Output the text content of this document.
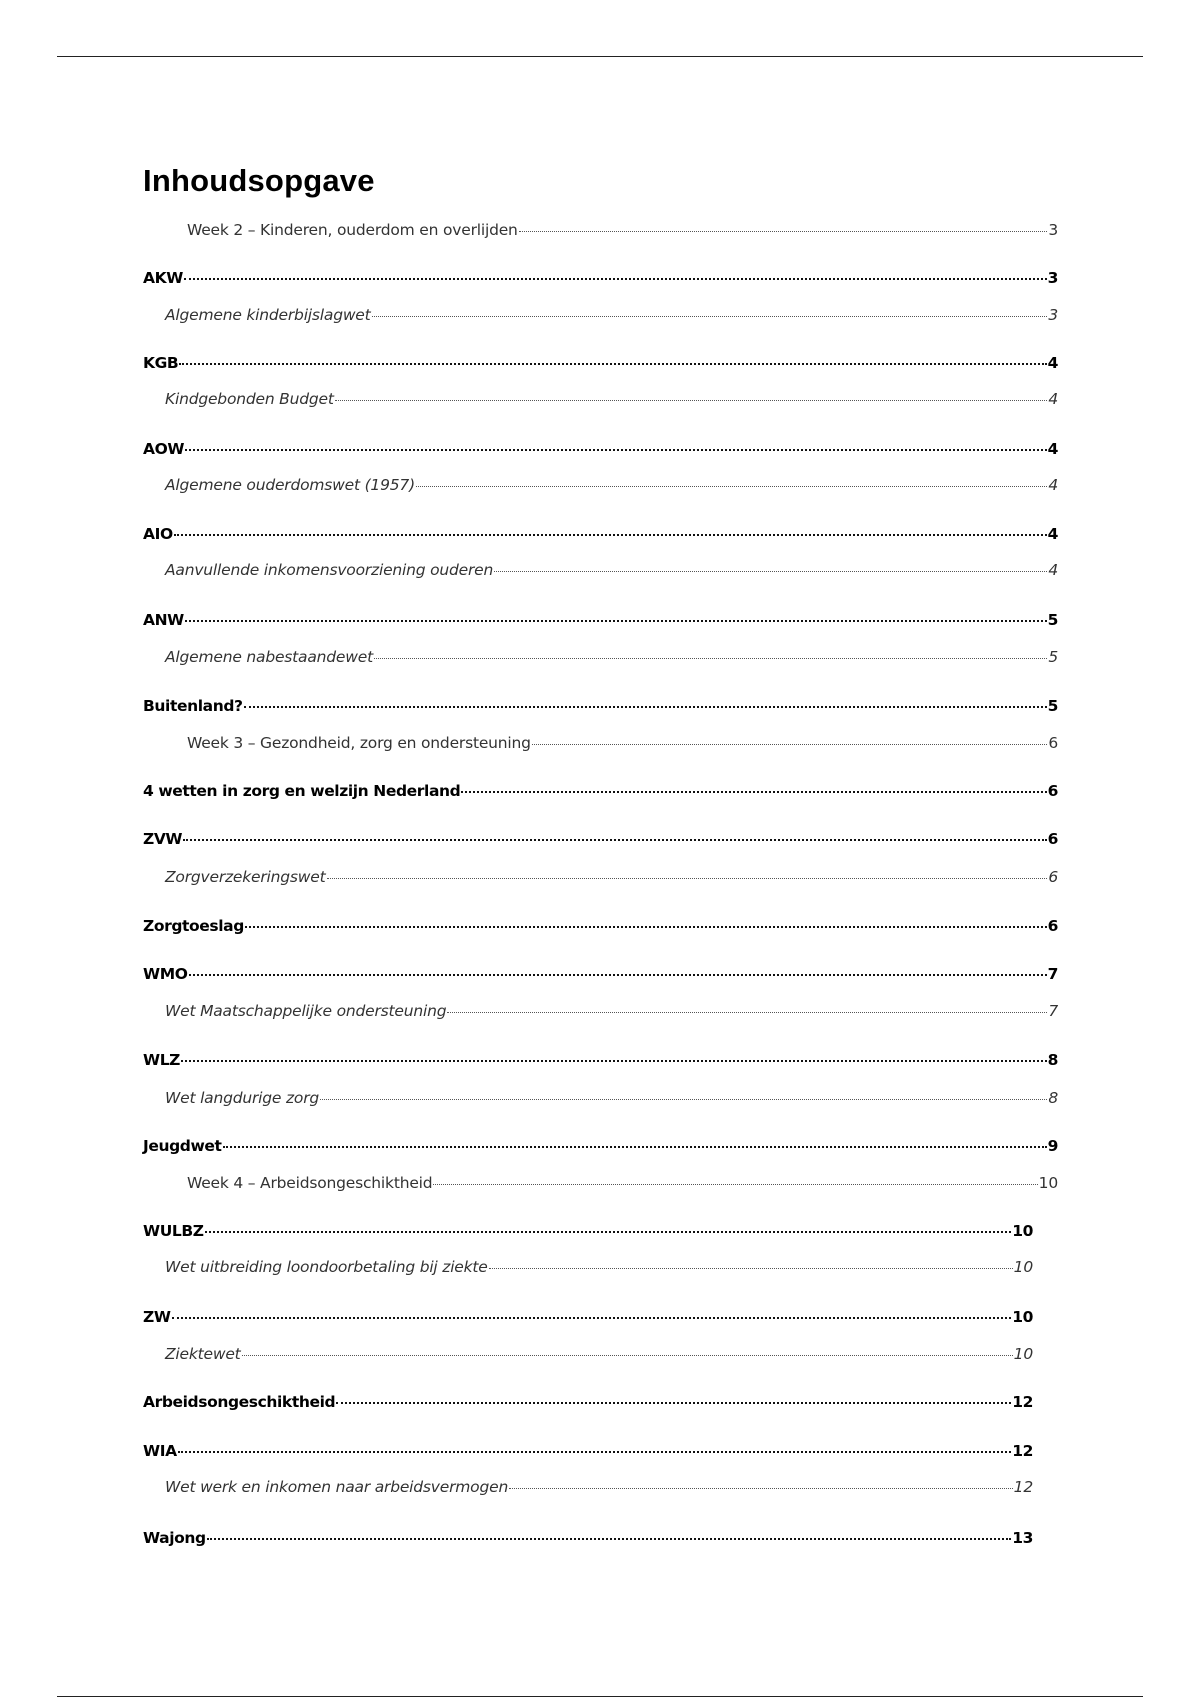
Inhoudsopgave
Week 2 – Kinderen, ouderdom en overlijden	3
AKW	3
Algemene kinderbijslagwet	3
KGB	4
Kindgebonden Budget	4
AOW	4
Algemene ouderdomswet (1957)	4
AIO	4
Aanvullende inkomensvoorziening ouderen	4
ANW	5
Algemene nabestaandewet	5
Buitenland?	5
Week 3 – Gezondheid, zorg en ondersteuning	6
4 wetten in zorg en welzijn Nederland	6
ZVW	6
Zorgverzekeringswet	6
Zorgtoeslag	6
WMO	7
Wet Maatschappelijke ondersteuning	7
WLZ	8
Wet langdurige zorg	8
Jeugdwet	9
Week 4 – Arbeidsongeschiktheid	10
WULBZ	10
Wet uitbreiding loondoorbetaling bij ziekte	10
ZW	10
Ziektewet	10
Arbeidsongeschiktheid	12
WIA	12
Wet werk en inkomen naar arbeidsvermogen	12
Wajong	13
